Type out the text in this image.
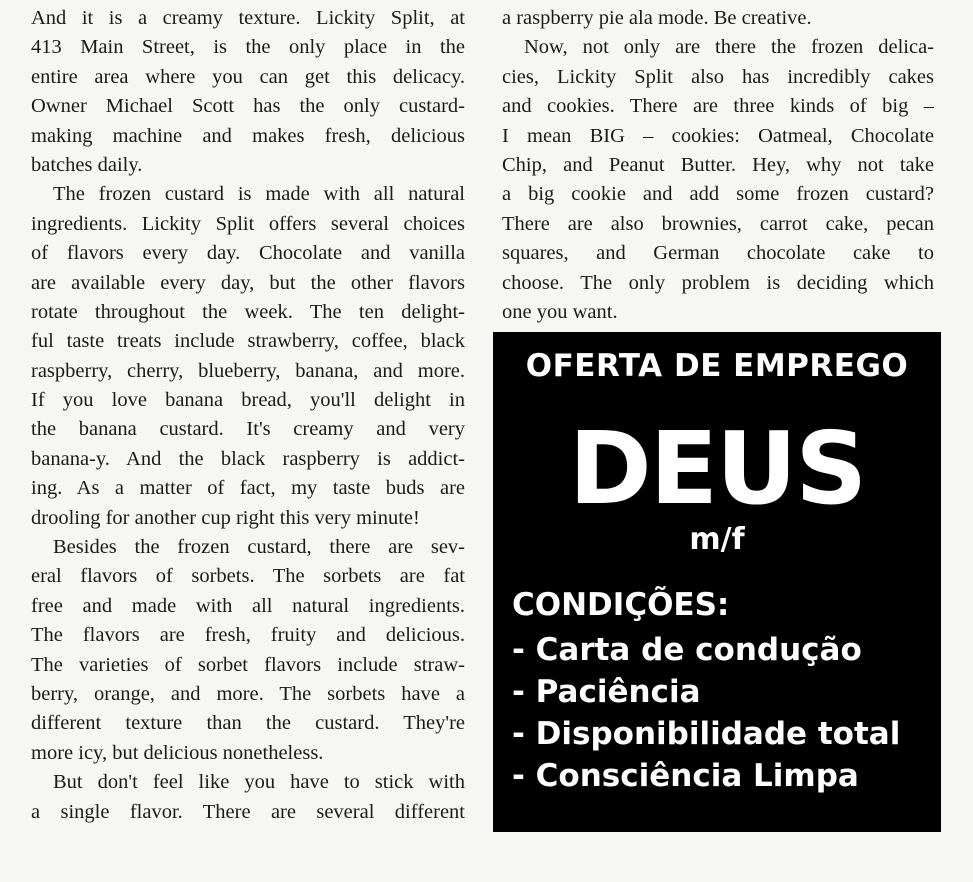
And it is a creamy texture. Lickity Split, at
413 Main Street, is the only place in the
entire area where you can get this delicacy.
Owner Michael Scott has the only custard-
making machine and makes fresh, delicious
batches daily.
The frozen custard is made with all natural
ingredients. Lickity Split offers several choices
of flavors every day. Chocolate and vanilla
are available every day, but the other flavors
rotate throughout the week. The ten delight-
ful taste treats include strawberry, coffee, black
raspberry, cherry, blueberry, banana, and more.
If you love banana bread, you'll delight in
the banana custard. It's creamy and very
banana-y. And the black raspberry is addict-
ing. As a matter of fact, my taste buds are
drooling for another cup right this very minute!
Besides the frozen custard, there are sev-
eral flavors of sorbets. The sorbets are fat
free and made with all natural ingredients.
The flavors are fresh, fruity and delicious.
The varieties of sorbet flavors include straw-
berry, orange, and more. The sorbets have a
different texture than the custard. They're
more icy, but delicious nonetheless.
But don't feel like you have to stick with
a single flavor. There are several different
a raspberry pie ala mode. Be creative.
Now, not only are there the frozen delica-
cies, Lickity Split also has incredibly cakes
and cookies. There are three kinds of big –
I mean BIG – cookies: Oatmeal, Chocolate
Chip, and Peanut Butter. Hey, why not take
a big cookie and add some frozen custard?
There are also brownies, carrot cake, pecan
squares, and German chocolate cake to
choose. The only problem is deciding which
one you want.
OFERTA DE EMPREGO
DEUS
m/f
CONDIÇÕES:
- Carta de condução
- Paciência
- Disponibilidade total
- Consciência Limpa
